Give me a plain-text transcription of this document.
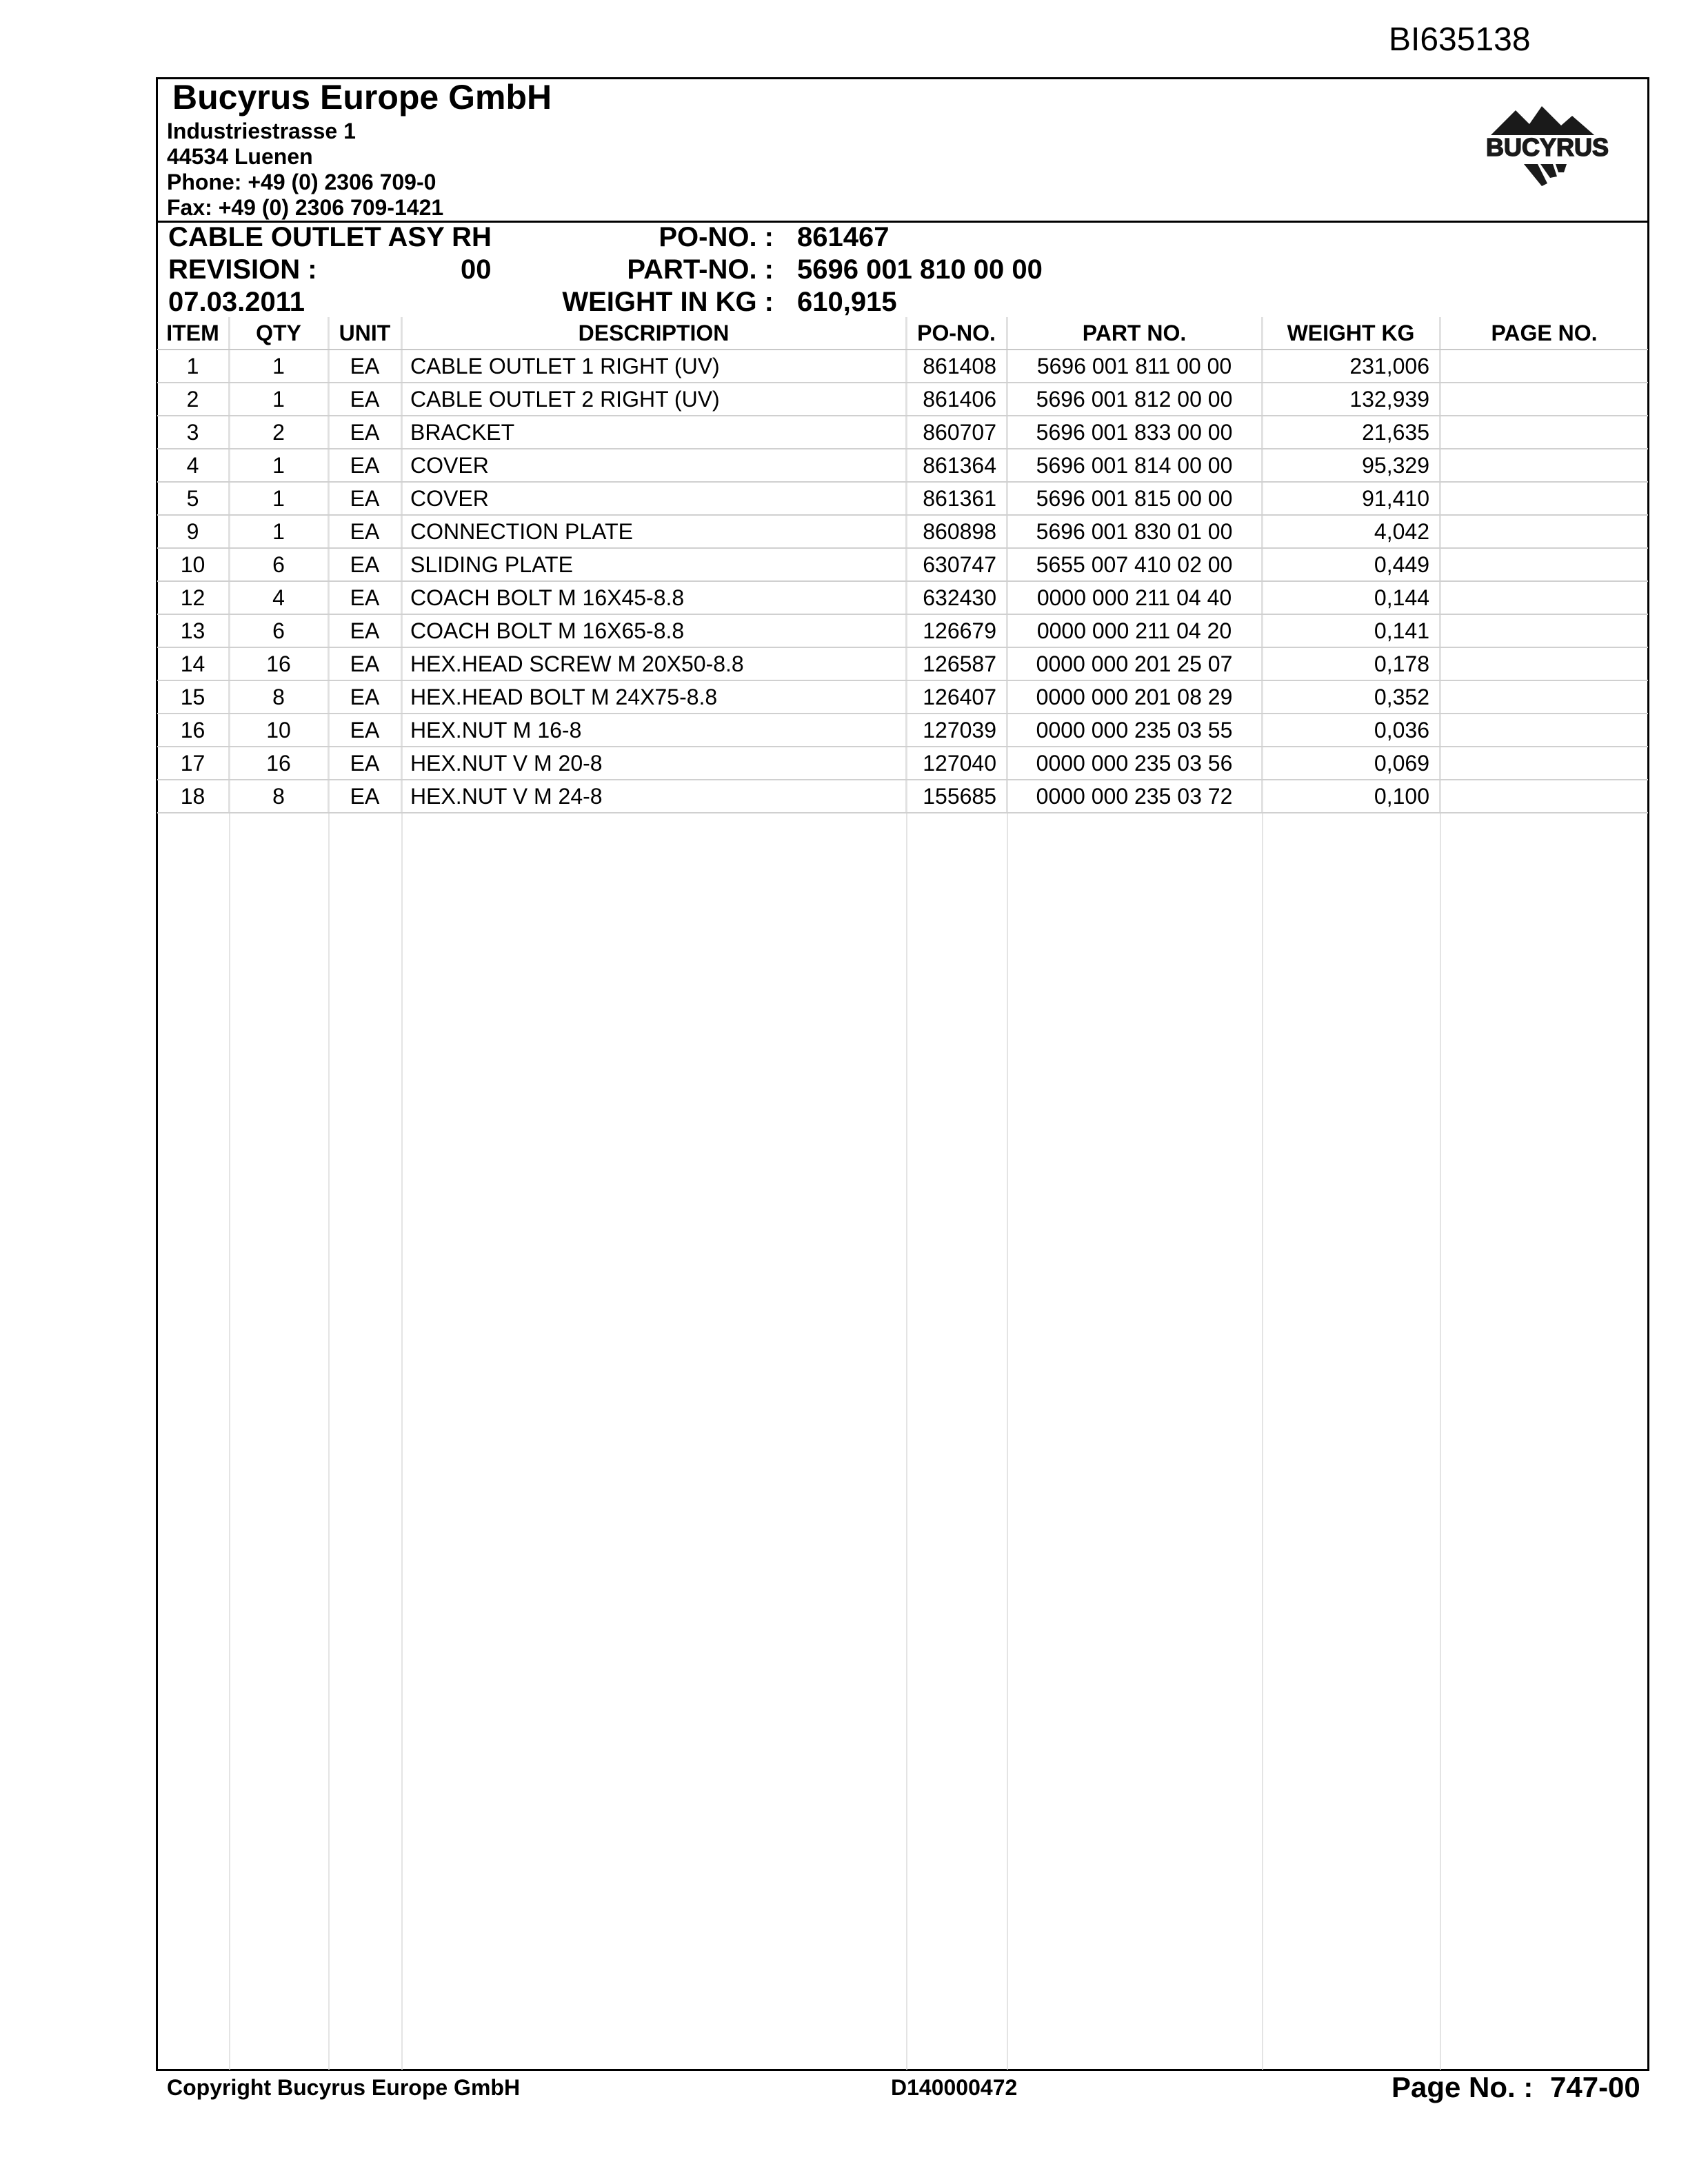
BI635138
Bucyrus Europe GmbH
Industriestrasse 1
44534 Luenen
Phone: +49 (0) 2306 709-0
Fax: +49 (0) 2306 709-1421
BUCYRUS
CABLE OUTLET ASY RH
REVISION :	00
07.03.2011
PO-NO. :
PART-NO. :
WEIGHT IN KG :
861467
5696 001 810 00 00
610,915
ITEM	QTY	UNIT	DESCRIPTION	PO-NO.	PART NO.	WEIGHT KG	PAGE NO.
1	1	EA	CABLE OUTLET 1 RIGHT (UV)	861408	5696 001 811 00 00	231,006	
2	1	EA	CABLE OUTLET 2 RIGHT (UV)	861406	5696 001 812 00 00	132,939	
3	2	EA	BRACKET	860707	5696 001 833 00 00	21,635	
4	1	EA	COVER	861364	5696 001 814 00 00	95,329	
5	1	EA	COVER	861361	5696 001 815 00 00	91,410	
9	1	EA	CONNECTION PLATE	860898	5696 001 830 01 00	4,042	
10	6	EA	SLIDING PLATE	630747	5655 007 410 02 00	0,449	
12	4	EA	COACH BOLT M 16X45-8.8	632430	0000 000 211 04 40	0,144	
13	6	EA	COACH BOLT M 16X65-8.8	126679	0000 000 211 04 20	0,141	
14	16	EA	HEX.HEAD SCREW M 20X50-8.8	126587	0000 000 201 25 07	0,178	
15	8	EA	HEX.HEAD BOLT M 24X75-8.8	126407	0000 000 201 08 29	0,352	
16	10	EA	HEX.NUT M 16-8	127039	0000 000 235 03 55	0,036	
17	16	EA	HEX.NUT V M 20-8	127040	0000 000 235 03 56	0,069	
18	8	EA	HEX.NUT V M 24-8	155685	0000 000 235 03 72	0,100	
Copyright Bucyrus Europe GmbH	D140000472	Page No. : 747-00
